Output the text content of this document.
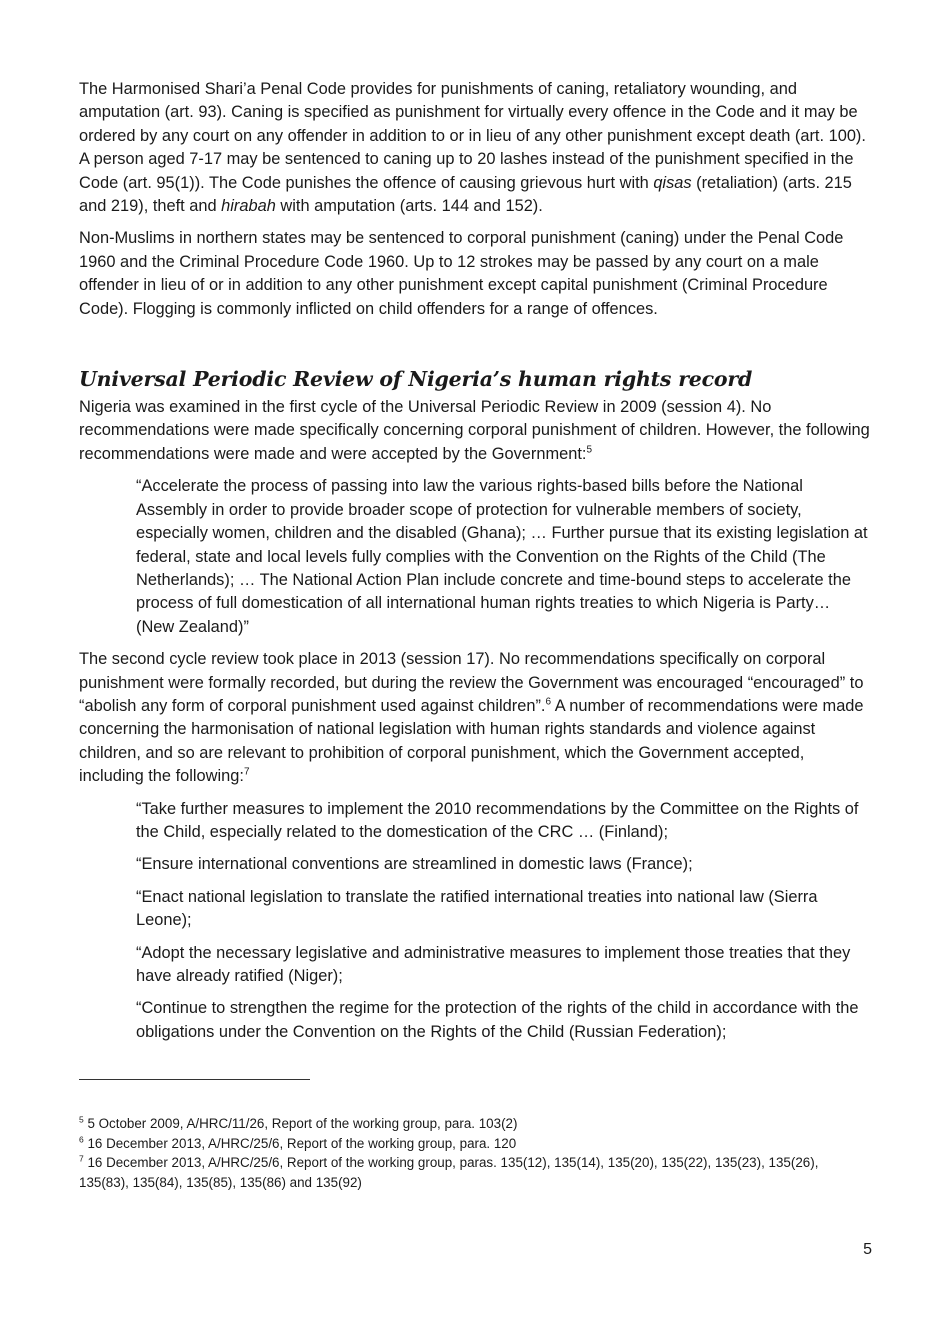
The Harmonised Shari’a Penal Code provides for punishments of caning, retaliatory wounding, and amputation (art. 93). Caning is specified as punishment for virtually every offence in the Code and it may be ordered by any court on any offender in addition to or in lieu of any other punishment except death (art. 100). A person aged 7-17 may be sentenced to caning up to 20 lashes instead of the punishment specified in the Code (art. 95(1)). The Code punishes the offence of causing grievous hurt with qisas (retaliation) (arts. 215 and 219), theft and hirabah with amputation (arts. 144 and 152).

Non-Muslims in northern states may be sentenced to corporal punishment (caning) under the Penal Code 1960 and the Criminal Procedure Code 1960. Up to 12 strokes may be passed by any court on a male offender in lieu of or in addition to any other punishment except capital punishment (Criminal Procedure Code). Flogging is commonly inflicted on child offenders for a range of offences.

Universal Periodic Review of Nigeria’s human rights record

Nigeria was examined in the first cycle of the Universal Periodic Review in 2009 (session 4). No recommendations were made specifically concerning corporal punishment of children. However, the following recommendations were made and were accepted by the Government:$^5$

“Accelerate the process of passing into law the various rights-based bills before the National Assembly in order to provide broader scope of protection for vulnerable members of society, especially women, children and the disabled (Ghana); … Further pursue that its existing legislation at federal, state and local levels fully complies with the Convention on the Rights of the Child (The Netherlands); … The National Action Plan include concrete and time-bound steps to accelerate the process of full domestication of all international human rights treaties to which Nigeria is Party… (New Zealand)”

The second cycle review took place in 2013 (session 17). No recommendations specifically on corporal punishment were formally recorded, but during the review the Government was encouraged “encouraged” to “abolish any form of corporal punishment used against children”.$^6$ A number of recommendations were made concerning the harmonisation of national legislation with human rights standards and violence against children, and so are relevant to prohibition of corporal punishment, which the Government accepted, including the following:$^7$

“Take further measures to implement the 2010 recommendations by the Committee on the Rights of the Child, especially related to the domestication of the CRC … (Finland);

“Ensure international conventions are streamlined in domestic laws (France);

“Enact national legislation to translate the ratified international treaties into national law (Sierra Leone);

“Adopt the necessary legislative and administrative measures to implement those treaties that they have already ratified (Niger);

“Continue to strengthen the regime for the protection of the rights of the child in accordance with the obligations under the Convention on the Rights of the Child (Russian Federation);

$^5$ 5 October 2009, A/HRC/11/26, Report of the working group, para. 103(2)

$^6$ 16 December 2013, A/HRC/25/6, Report of the working group, para. 120

$^7$ 16 December 2013, A/HRC/25/6, Report of the working group, paras. 135(12), 135(14), 135(20), 135(22), 135(23), 135(26), 135(83), 135(84), 135(85), 135(86) and 135(92)

5
